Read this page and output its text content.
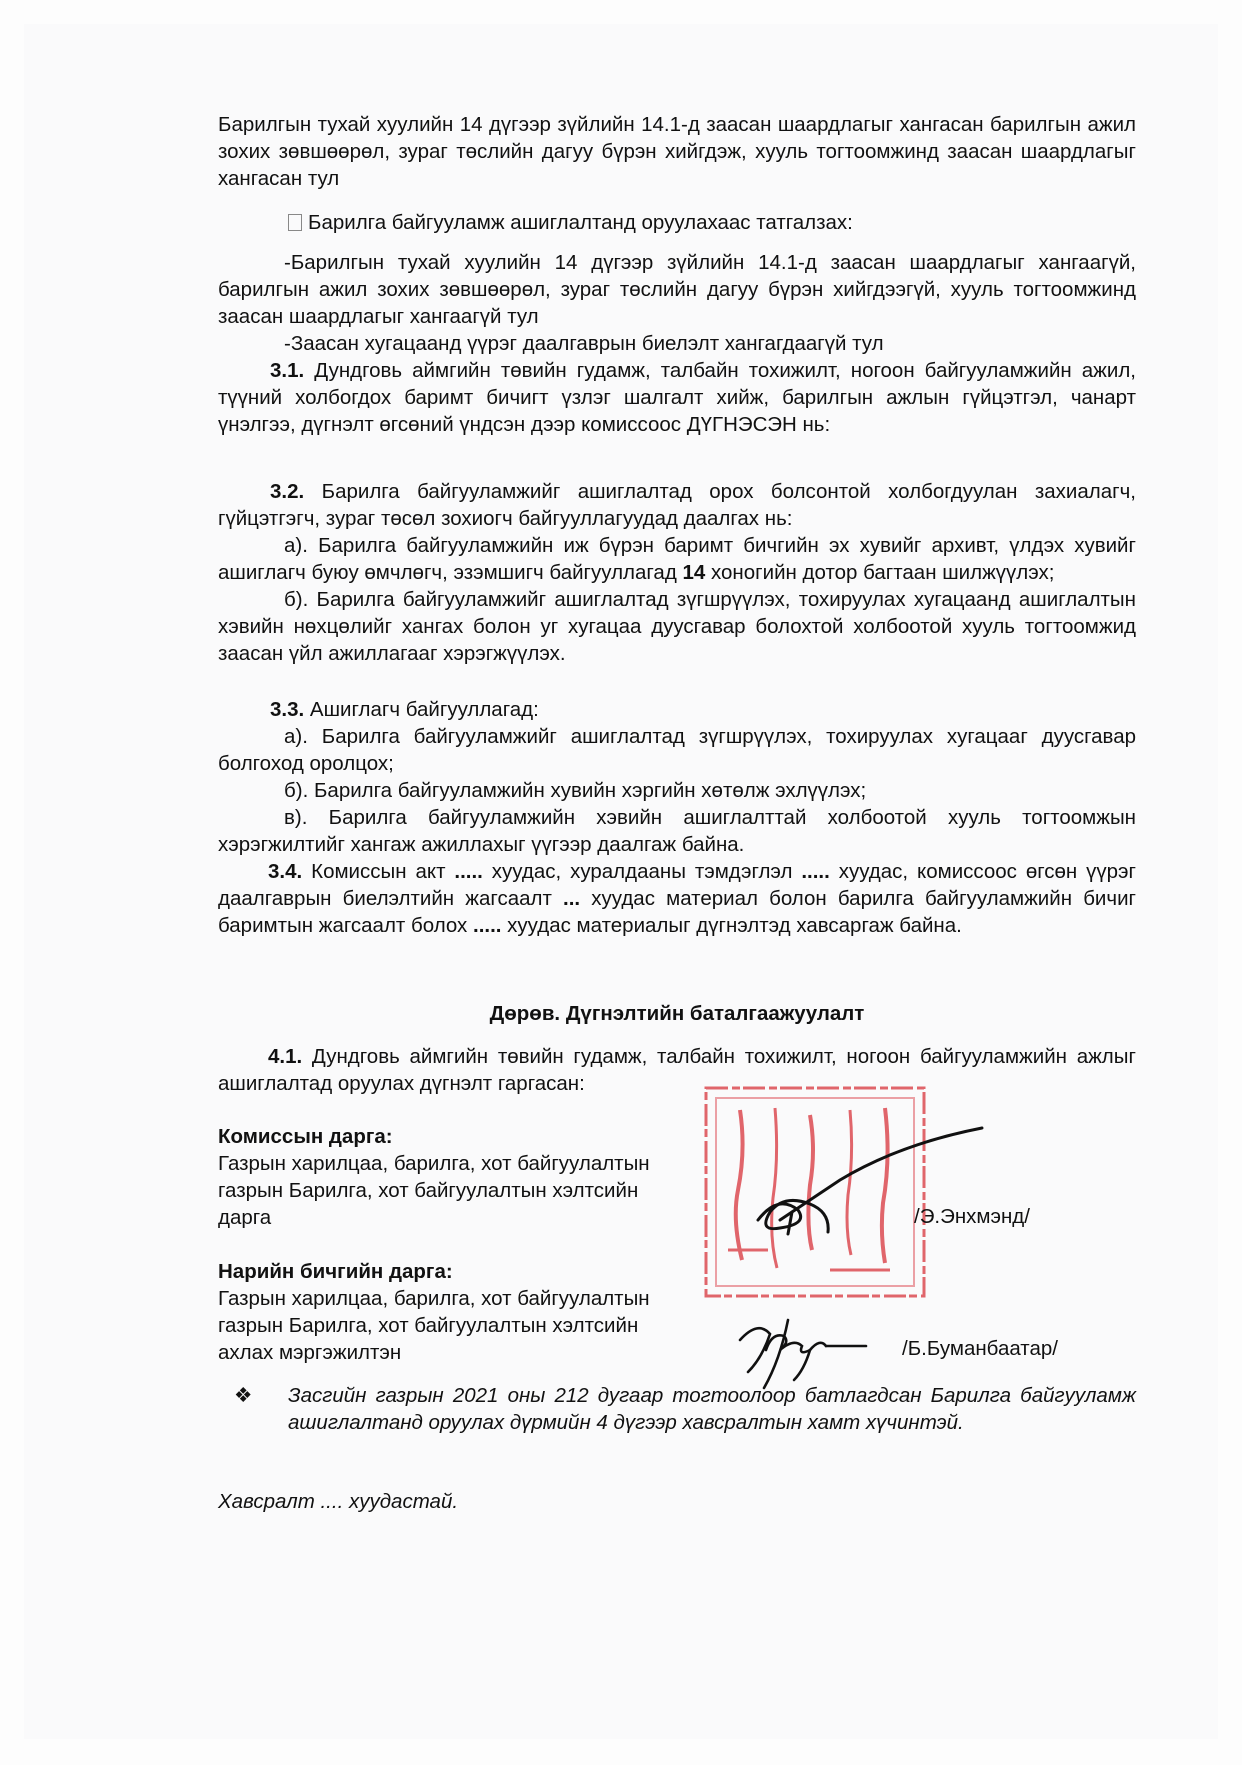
Барилгын тухай хуулийн 14 дүгээр зүйлийн 14.1-д заасан шаардлагыг хангасан барилгын ажил зохих зөвшөөрөл, зураг төслийн дагуу бүрэн хийгдэж, хууль тогтоомжинд заасан шаардлагыг хангасан тул

Барилга байгууламж ашиглалтанд оруулахаас татгалзах:

-Барилгын тухай хуулийн 14 дүгээр зүйлийн 14.1-д заасан шаардлагыг хангаагүй, барилгын ажил зохих зөвшөөрөл, зураг төслийн дагуу бүрэн хийгдээгүй, хууль тогтоомжинд заасан шаардлагыг хангаагүй тул

-Заасан хугацаанд үүрэг даалгаврын биелэлт хангагдаагүй тул

3.1. Дундговь аймгийн төвийн гудамж, талбайн тохижилт, ногоон байгууламжийн ажил, түүний холбогдох баримт бичигт үзлэг шалгалт хийж, барилгын ажлын гүйцэтгэл, чанарт үнэлгээ, дүгнэлт өгсөний үндсэн дээр комиссоос ДҮГНЭСЭН нь:

3.2. Барилга байгууламжийг ашиглалтад орох болсонтой холбогдуулан захиалагч, гүйцэтгэгч, зураг төсөл зохиогч байгууллагуудад даалгах нь:

а). Барилга байгууламжийн иж бүрэн баримт бичгийн эх хувийг архивт, үлдэх хувийг ашиглагч буюу өмчлөгч, эзэмшигч байгууллагад 14 хоногийн дотор багтаан шилжүүлэх;

б). Барилга байгууламжийг ашиглалтад зүгшрүүлэх, тохируулах хугацаанд ашиглалтын хэвийн нөхцөлийг хангах болон уг хугацаа дуусгавар болохтой холбоотой хууль тогтоомжид заасан үйл ажиллагааг хэрэгжүүлэх.

3.3. Ашиглагч байгууллагад:

а). Барилга байгууламжийг ашиглалтад зүгшрүүлэх, тохируулах хугацааг дуусгавар болгоход оролцох;

б). Барилга байгууламжийн хувийн хэргийн хөтөлж эхлүүлэх;

в). Барилга байгууламжийн хэвийн ашиглалттай холбоотой хууль тогтоомжын хэрэгжилтийг хангаж ажиллахыг үүгээр даалгаж байна.

3.4. Комиссын акт ..... хуудас, хуралдааны тэмдэглэл ..... хуудас, комиссоос өгсөн үүрэг даалгаврын биелэлтийн жагсаалт ... хуудас материал болон барилга байгууламжийн бичиг баримтын жагсаалт болох ..... хуудас материалыг дүгнэлтэд хавсаргаж байна.

Дөрөв. Дүгнэлтийн баталгаажуулалт

4.1. Дундговь аймгийн төвийн гудамж, талбайн тохижилт, ногоон байгууламжийн ажлыг ашиглалтад оруулах дүгнэлт гаргасан:

Комиссын дарга:
Газрын харилцаа, барилга, хот байгуулалтын
газрын Барилга, хот байгуулалтын хэлтсийн
дарга	/Э.Энхмэнд/
Нарийн бичгийн дарга:
Газрын харилцаа, барилга, хот байгуулалтын
газрын Барилга, хот байгуулалтын хэлтсийн
ахлах мэргэжилтэн	/Б.Буманбаатар/
❖ Засгийн газрын 2021 оны 212 дугаар тогтоолоор батлагдсан Барилга байгууламж ашиглалтанд оруулах дүрмийн 4 дүгээр хавсралтын хамт хүчинтэй.
Хавсралт .... хуудастай.
